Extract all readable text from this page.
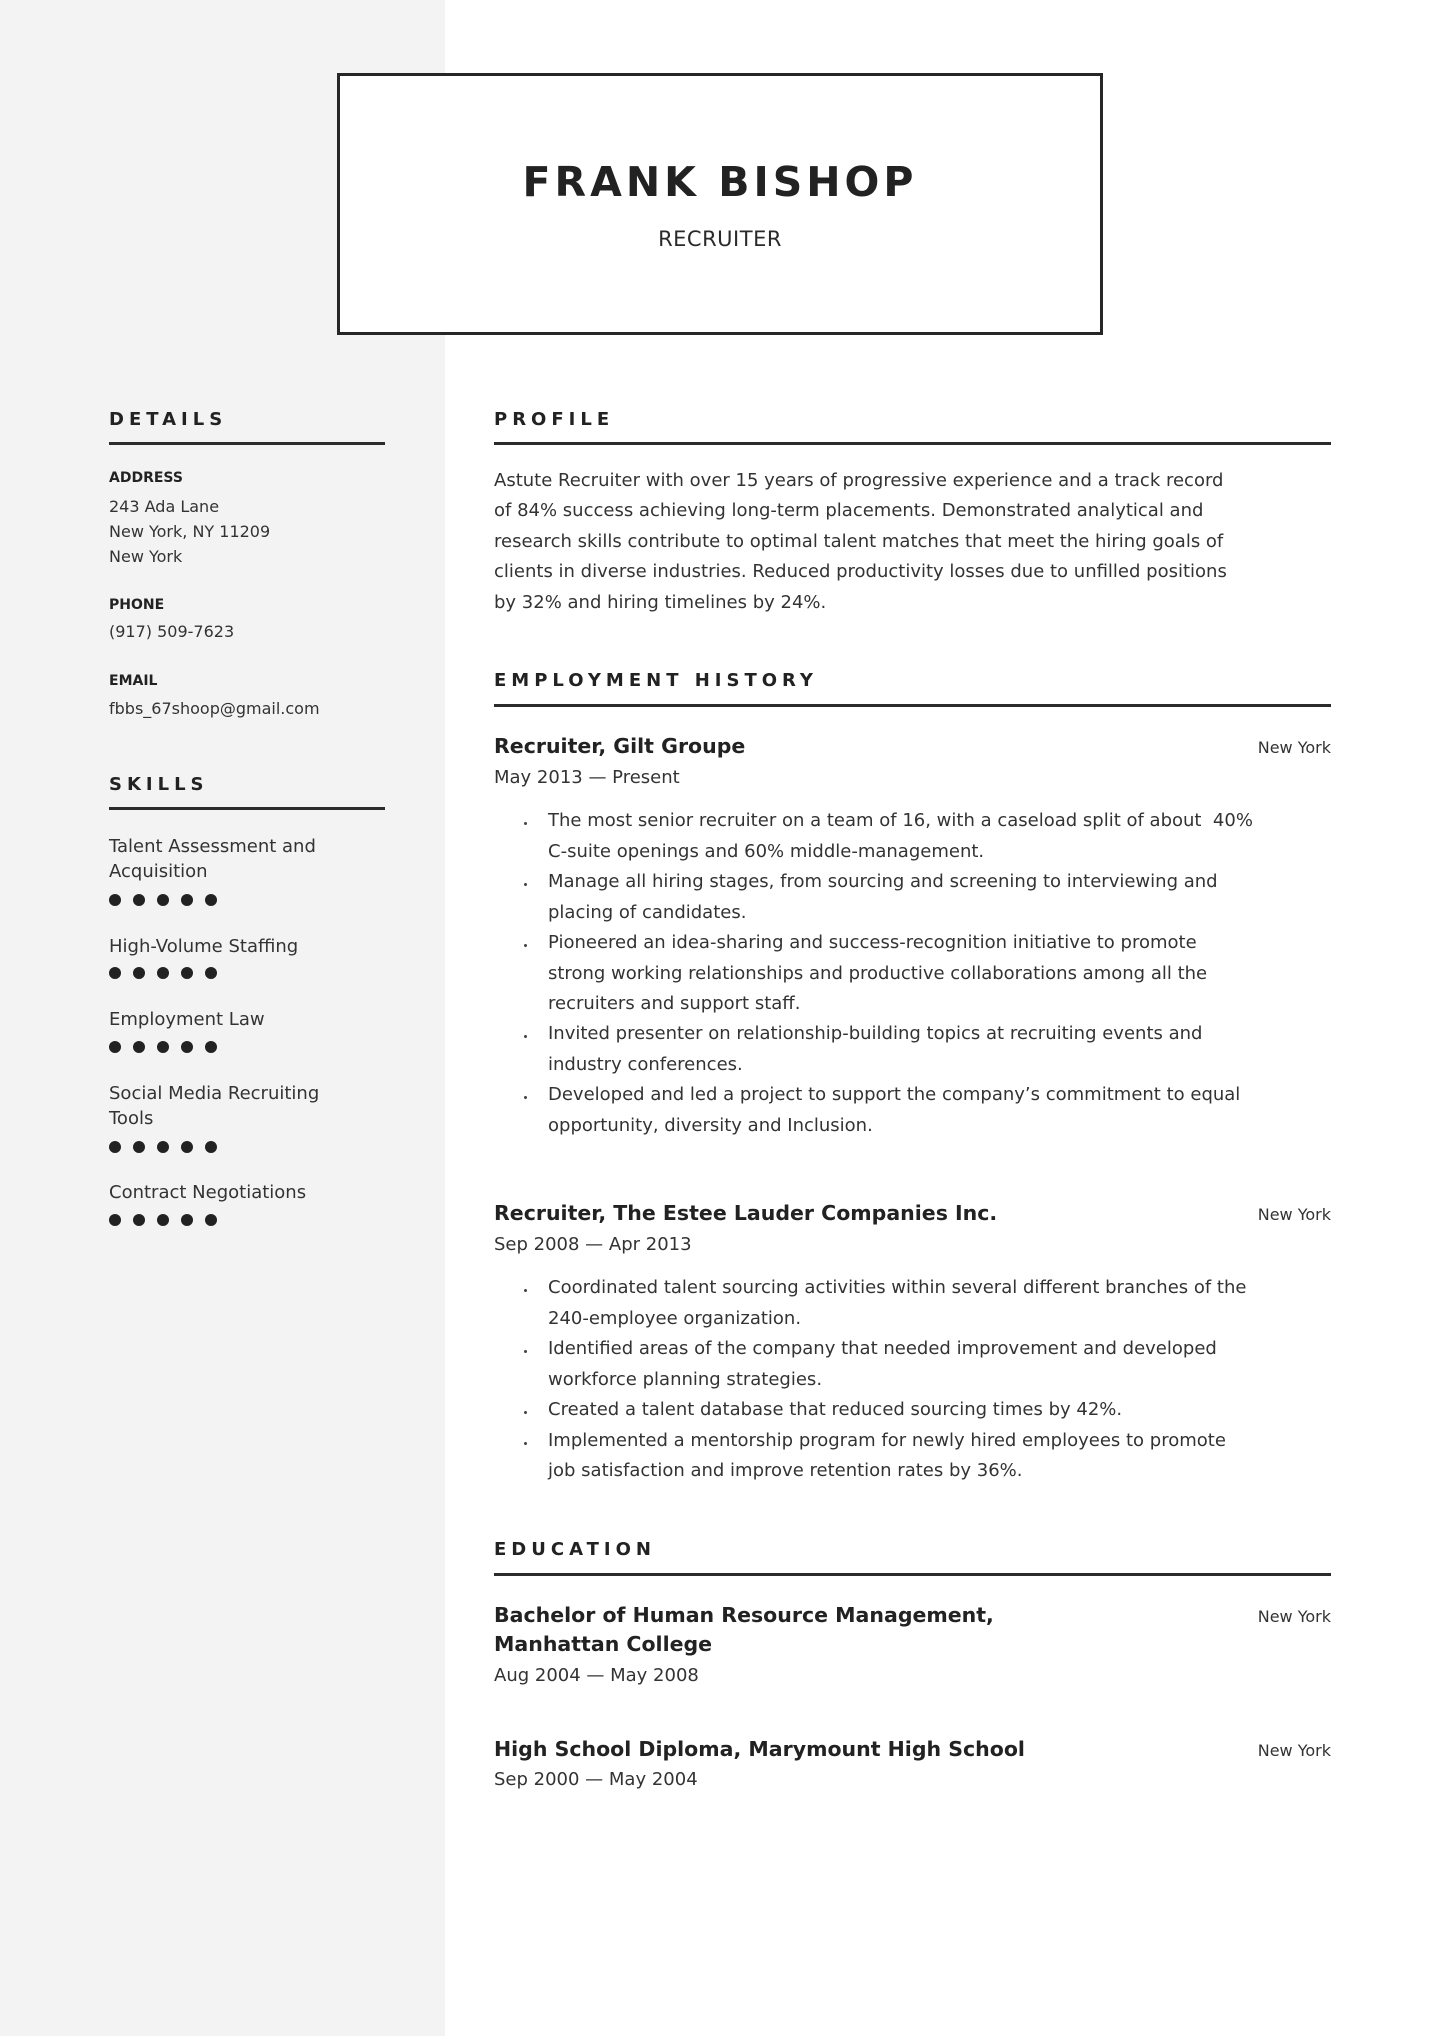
FRANK BISHOP
RECRUITER
DETAILS
ADDRESS
243 Ada Lane
New York, NY 11209
New York
PHONE
(917) 509-7623
EMAIL
fbbs_67shoop@gmail.com
SKILLS
Talent Assessment and
Acquisition
High-Volume Staffing
Employment Law
Social Media Recruiting
Tools
Contract Negotiations
PROFILE
Astute Recruiter with over 15 years of progressive experience and a track record
of 84% success achieving long-term placements. Demonstrated analytical and
research skills contribute to optimal talent matches that meet the hiring goals of
clients in diverse industries. Reduced productivity losses due to unfilled positions
by 32% and hiring timelines by 24%.
EMPLOYMENT HISTORY
Recruiter, Gilt Groupe	New York
May 2013 — Present
The most senior recruiter on a team of 16, with a caseload split of about  40%
C-suite openings and 60% middle-management.
Manage all hiring stages, from sourcing and screening to interviewing and
placing of candidates.
Pioneered an idea-sharing and success-recognition initiative to promote
strong working relationships and productive collaborations among all the
recruiters and support staff.
Invited presenter on relationship-building topics at recruiting events and
industry conferences.
Developed and led a project to support the company’s commitment to equal
opportunity, diversity and Inclusion.
Recruiter, The Estee Lauder Companies Inc.	New York
Sep 2008 — Apr 2013
Coordinated talent sourcing activities within several different branches of the
240-employee organization.
Identified areas of the company that needed improvement and developed
workforce planning strategies.
Created a talent database that reduced sourcing times by 42%.
Implemented a mentorship program for newly hired employees to promote
job satisfaction and improve retention rates by 36%.
EDUCATION
Bachelor of Human Resource Management,
Manhattan College
New York
Aug 2004 — May 2008
High School Diploma, Marymount High School	New York
Sep 2000 — May 2004
